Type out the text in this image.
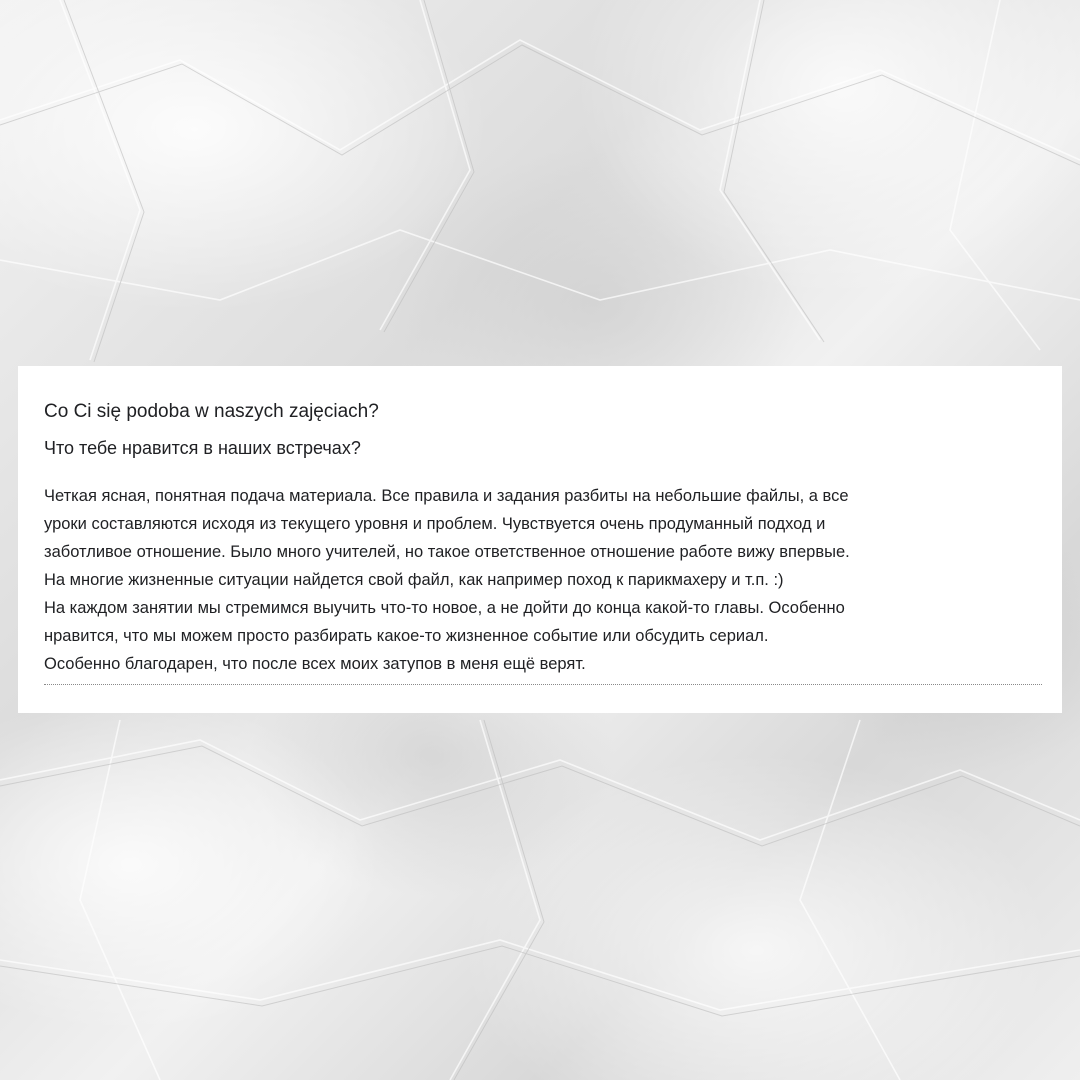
Co Ci się podoba w naszych zajęciach?
Что тебе нравится в наших встречах?
Четкая ясная, понятная подача материала. Все правила и задания разбиты на небольшие файлы, а все
уроки составляются исходя из текущего уровня и проблем. Чувствуется очень продуманный подход и
заботливое отношение. Было много учителей, но такое ответственное отношение работе вижу впервые.
На многие жизненные ситуации найдется свой файл, как например поход к парикмахеру и т.п. :)
На каждом занятии мы стремимся выучить что-то новое, а не дойти до конца какой-то главы. Особенно
нравится, что мы можем просто разбирать какое-то жизненное событие или обсудить сериал.
Особенно благодарен, что после всех моих затупов в меня ещё верят.
